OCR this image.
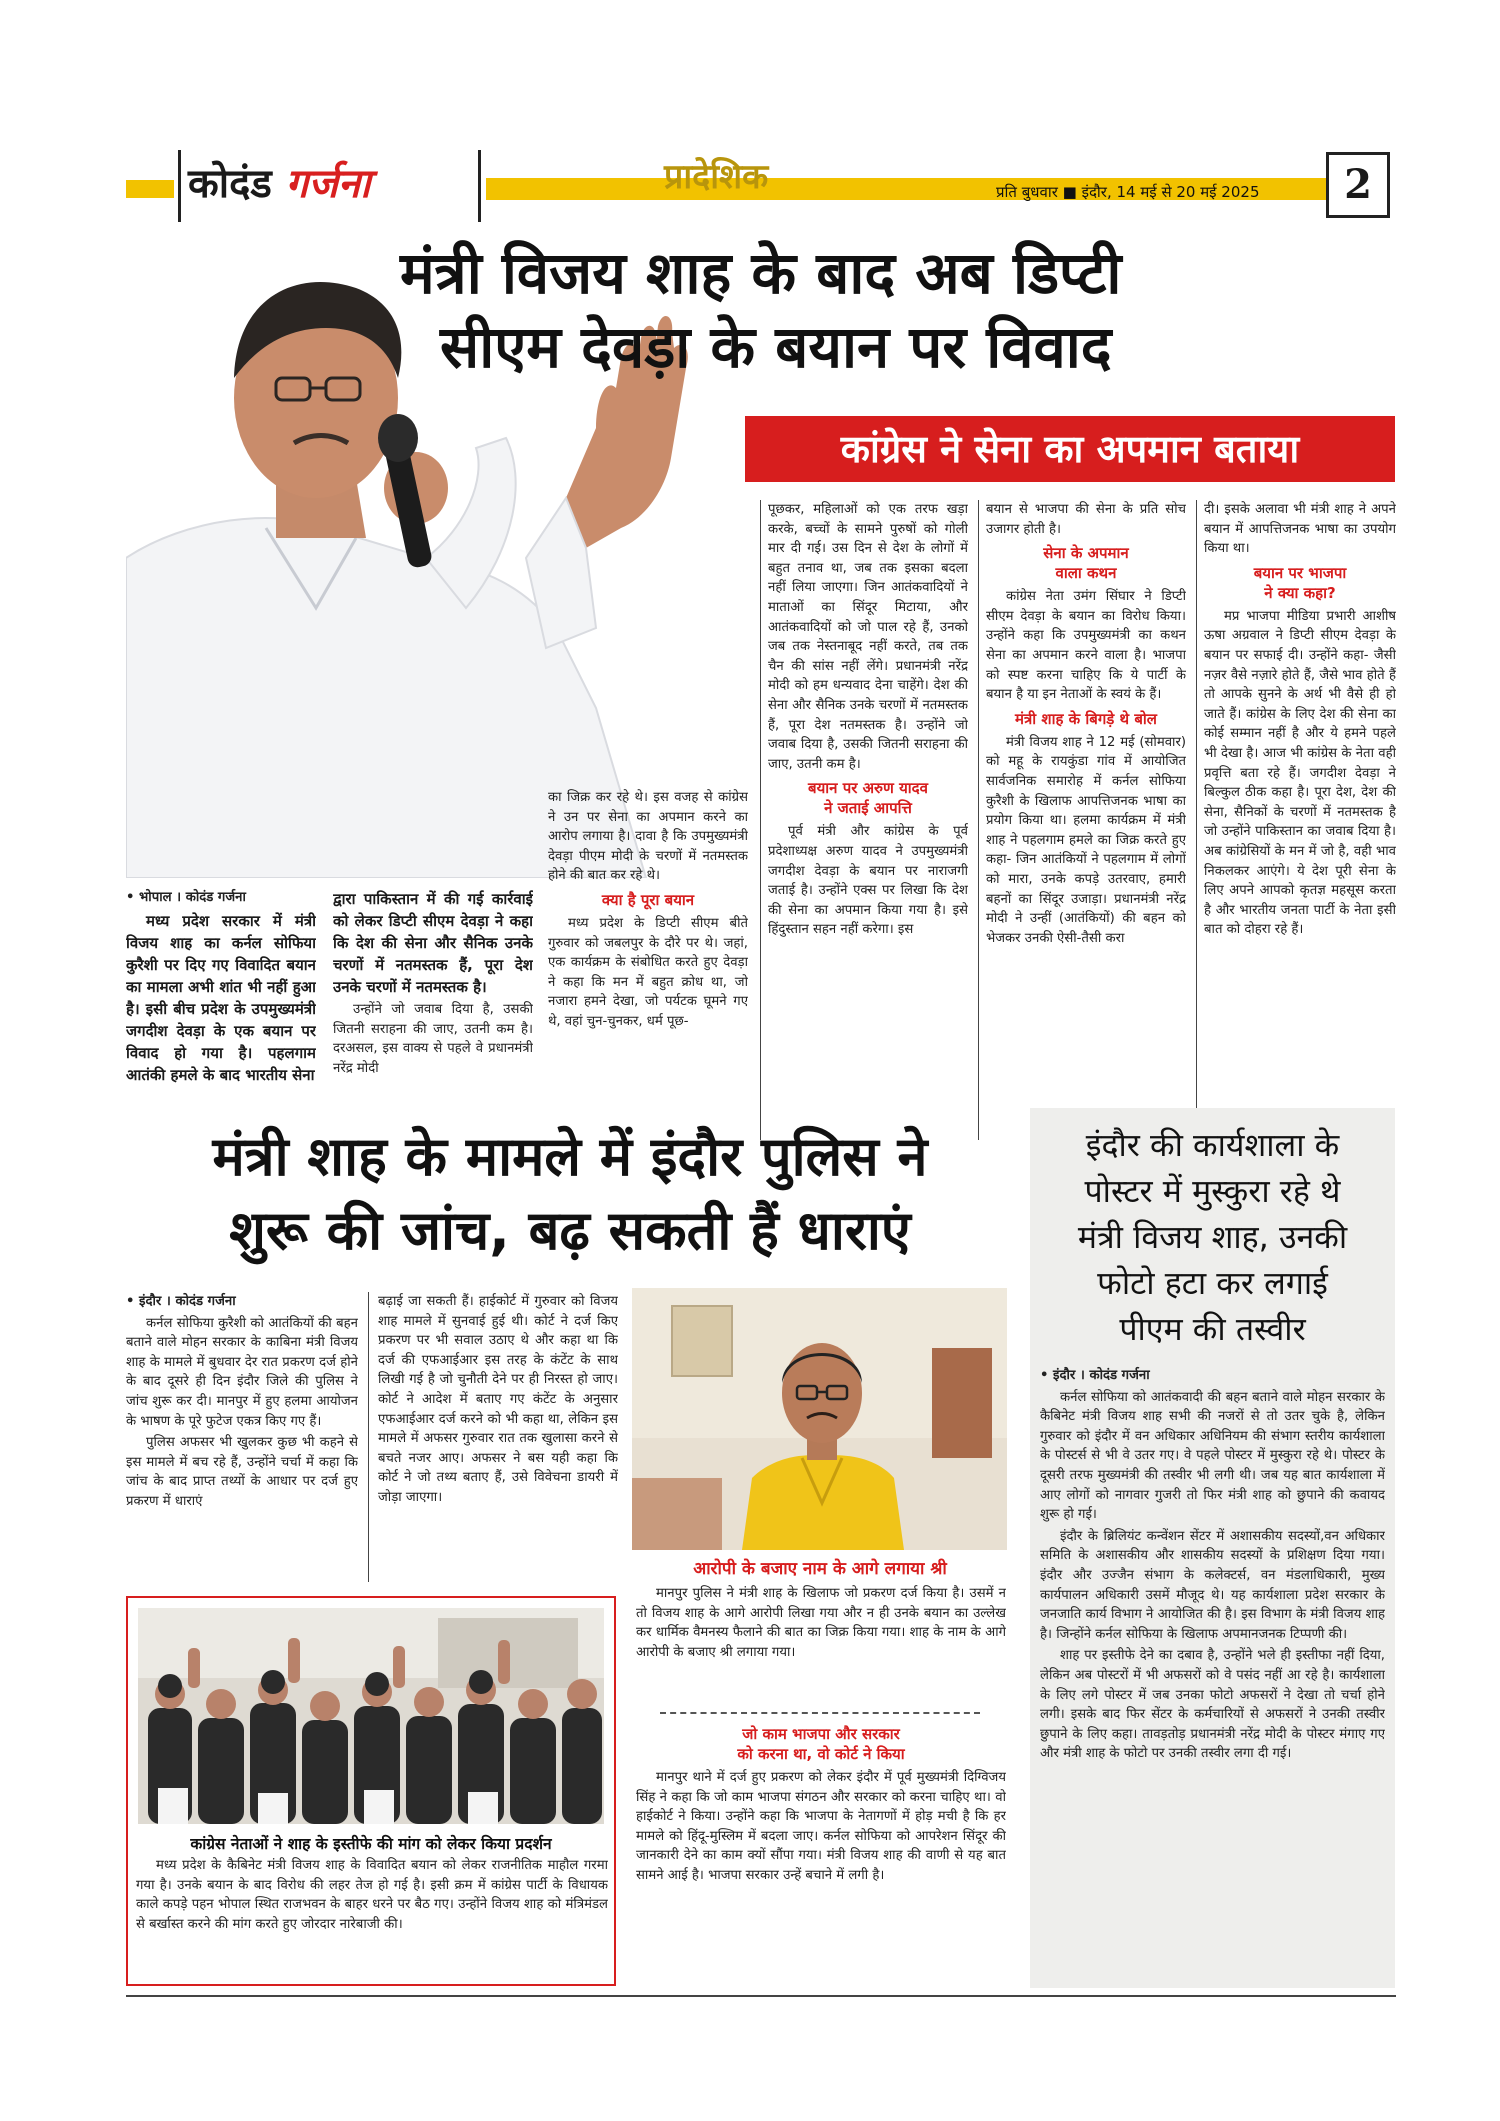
कोदंड गर्जना	प्रादेशिक	प्रति बुधवार ■ इंदौर, 14 मई से 20 मई 2025	2
मंत्री विजय शाह के बाद अब डिप्टी
सीएम देवड़ा के बयान पर विवाद
कांग्रेस ने सेना का अपमान बताया

• भोपाल । कोदंड गर्जना

मध्य प्रदेश सरकार में मंत्री विजय शाह का कर्नल सोफिया कुरैशी पर दिए गए विवादित बयान का मामला अभी शांत भी नहीं हुआ है। इसी बीच प्रदेश के उपमुख्यमंत्री जगदीश देवड़ा के एक बयान पर विवाद हो गया है। पहलगाम आतंकी हमले के बाद भारतीय सेना

द्वारा पाकिस्तान में की गई कार्रवाई को लेकर डिप्टी सीएम देवड़ा ने कहा कि देश की सेना और सैनिक उनके चरणों में नतमस्तक हैं, पूरा देश उनके चरणों में नतमस्तक है।

उन्होंने जो जवाब दिया है, उसकी जितनी सराहना की जाए, उतनी कम है। दरअसल, इस वाक्य से पहले वे प्रधानमंत्री नरेंद्र मोदी

का जिक्र कर रहे थे। इस वजह से कांग्रेस ने उन पर सेना का अपमान करने का आरोप लगाया है। दावा है कि उपमुख्यमंत्री देवड़ा पीएम मोदी के चरणों में नतमस्तक होने की बात कर रहे थे।

क्या है पूरा बयान

मध्य प्रदेश के डिप्टी सीएम बीते गुरुवार को जबलपुर के दौरे पर थे। जहां, एक कार्यक्रम के संबोधित करते हुए देवड़ा ने कहा कि मन में बहुत क्रोध था, जो नजारा हमने देखा, जो पर्यटक घूमने गए थे, वहां चुन-चुनकर, धर्म पूछ-

पूछकर, महिलाओं को एक तरफ खड़ा करके, बच्चों के सामने पुरुषों को गोली मार दी गई। उस दिन से देश के लोगों में बहुत तनाव था, जब तक इसका बदला नहीं लिया जाएगा। जिन आतंकवादियों ने माताओं का सिंदूर मिटाया, और आतंकवादियों को जो पाल रहे हैं, उनको जब तक नेस्तनाबूद नहीं करते, तब तक चैन की सांस नहीं लेंगे। प्रधानमंत्री नरेंद्र मोदी को हम धन्यवाद देना चाहेंगे। देश की सेना और सैनिक उनके चरणों में नतमस्तक हैं, पूरा देश नतमस्तक है। उन्होंने जो जवाब दिया है, उसकी जितनी सराहना की जाए, उतनी कम है।

बयान पर अरुण यादव
ने जताई आपत्ति

पूर्व मंत्री और कांग्रेस के पूर्व प्रदेशाध्यक्ष अरुण यादव ने उपमुख्यमंत्री जगदीश देवड़ा के बयान पर नाराजगी जताई है। उन्होंने एक्स पर लिखा कि देश की सेना का अपमान किया गया है। इसे हिंदुस्तान सहन नहीं करेगा। इस

बयान से भाजपा की सेना के प्रति सोच उजागर होती है।

सेना के अपमान
वाला कथन

कांग्रेस नेता उमंग सिंघार ने डिप्टी सीएम देवड़ा के बयान का विरोध किया। उन्होंने कहा कि उपमुख्यमंत्री का कथन सेना का अपमान करने वाला है। भाजपा को स्पष्ट करना चाहिए कि ये पार्टी के बयान है या इन नेताओं के स्वयं के हैं।

मंत्री शाह के बिगड़े थे बोल

मंत्री विजय शाह ने 12 मई (सोमवार) को महू के रायकुंडा गांव में आयोजित सार्वजनिक समारोह में कर्नल सोफिया कुरैशी के खिलाफ आपत्तिजनक भाषा का प्रयोग किया था। हलमा कार्यक्रम में मंत्री शाह ने पहलगाम हमले का जिक्र करते हुए कहा- जिन आतंकियों ने पहलगाम में लोगों को मारा, उनके कपड़े उतरवाए, हमारी बहनों का सिंदूर उजाड़ा। प्रधानमंत्री नरेंद्र मोदी ने उन्हीं (आतंकियों) की बहन को भेजकर उनकी ऐसी-तैसी करा

दी। इसके अलावा भी मंत्री शाह ने अपने बयान में आपत्तिजनक भाषा का उपयोग किया था।

बयान पर भाजपा
ने क्या कहा?

मप्र भाजपा मीडिया प्रभारी आशीष ऊषा अग्रवाल ने डिप्टी सीएम देवड़ा के बयान पर सफाई दी। उन्होंने कहा- जैसी नज़र वैसे नज़ारे होते हैं, जैसे भाव होते हैं तो आपके सुनने के अर्थ भी वैसे ही हो जाते हैं। कांग्रेस के लिए देश की सेना का कोई सम्मान नहीं है और ये हमने पहले भी देखा है। आज भी कांग्रेस के नेता वही प्रवृत्ति बता रहे हैं। जगदीश देवड़ा ने बिल्कुल ठीक कहा है। पूरा देश, देश की सेना, सैनिकों के चरणों में नतमस्तक है जो उन्होंने पाकिस्तान का जवाब दिया है। अब कांग्रेसियों के मन में जो है, वही भाव निकलकर आएंगे। ये देश पूरी सेना के लिए अपने आपको कृतज्ञ महसूस करता है और भारतीय जनता पार्टी के नेता इसी बात को दोहरा रहे हैं।

मंत्री शाह के मामले में इंदौर पुलिस ने
शुरू की जांच, बढ़ सकती हैं धाराएं

• इंदौर । कोदंड गर्जना

कर्नल सोफिया कुरैशी को आतंकियों की बहन बताने वाले मोहन सरकार के काबिना मंत्री विजय शाह के मामले में बुधवार देर रात प्रकरण दर्ज होने के बाद दूसरे ही दिन इंदौर जिले की पुलिस ने जांच शुरू कर दी। मानपुर में हुए हलमा आयोजन के भाषण के पूरे फुटेज एकत्र किए गए हैं।

पुलिस अफसर भी खुलकर कुछ भी कहने से इस मामले में बच रहे हैं, उन्होंने चर्चा में कहा कि जांच के बाद प्राप्त तथ्यों के आधार पर दर्ज हुए प्रकरण में धाराएं

बढ़ाई जा सकती हैं। हाईकोर्ट में गुरुवार को विजय शाह मामले में सुनवाई हुई थी। कोर्ट ने दर्ज किए प्रकरण पर भी सवाल उठाए थे और कहा था कि दर्ज की एफआईआर इस तरह के कंटेंट के साथ लिखी गई है जो चुनौती देने पर ही निरस्त हो जाए। कोर्ट ने आदेश में बताए गए कंटेंट के अनुसार एफआईआर दर्ज करने को भी कहा था, लेकिन इस मामले में अफसर गुरुवार रात तक खुलासा करने से बचते नजर आए। अफसर ने बस यही कहा कि कोर्ट ने जो तथ्य बताए हैं, उसे विवेचना डायरी में जोड़ा जाएगा।

आरोपी के बजाए नाम के आगे लगाया श्री

मानपुर पुलिस ने मंत्री शाह के खिलाफ जो प्रकरण दर्ज किया है। उसमें न तो विजय शाह के आगे आरोपी लिखा गया और न ही उनके बयान का उल्लेख कर धार्मिक वैमनस्य फैलाने की बात का जिक्र किया गया। शाह के नाम के आगे आरोपी के बजाए श्री लगाया गया।

जो काम भाजपा और सरकार
को करना था, वो कोर्ट ने किया

मानपुर थाने में दर्ज हुए प्रकरण को लेकर इंदौर में पूर्व मुख्यमंत्री दिग्विजय सिंह ने कहा कि जो काम भाजपा संगठन और सरकार को करना चाहिए था। वो हाईकोर्ट ने किया। उन्होंने कहा कि भाजपा के नेतागणों में होड़ मची है कि हर मामले को हिंदू-मुस्लिम में बदला जाए। कर्नल सोफिया को आपरेशन सिंदूर की जानकारी देने का काम क्यों सौंपा गया। मंत्री विजय शाह की वाणी से यह बात सामने आई है। भाजपा सरकार उन्हें बचाने में लगी है।

कांग्रेस नेताओं ने शाह के इस्तीफे की मांग को लेकर किया प्रदर्शन

मध्य प्रदेश के कैबिनेट मंत्री विजय शाह के विवादित बयान को लेकर राजनीतिक माहौल गरमा गया है। उनके बयान के बाद विरोध की लहर तेज हो गई है। इसी क्रम में कांग्रेस पार्टी के विधायक काले कपड़े पहन भोपाल स्थित राजभवन के बाहर धरने पर बैठ गए। उन्होंने विजय शाह को मंत्रिमंडल से बर्खास्त करने की मांग करते हुए जोरदार नारेबाजी की।

इंदौर की कार्यशाला के
पोस्टर में मुस्कुरा रहे थे
मंत्री विजय शाह, उनकी
फोटो हटा कर लगाई
पीएम की तस्वीर

• इंदौर । कोदंड गर्जना

कर्नल सोफिया को आतंकवादी की बहन बताने वाले मोहन सरकार के कैबिनेट मंत्री विजय शाह सभी की नजरों से तो उतर चुके है, लेकिन गुरुवार को इंदौर में वन अधिकार अधिनियम की संभाग स्तरीय कार्यशाला के पोस्टर्स से भी वे उतर गए। वे पहले पोस्टर में मुस्कुरा रहे थे। पोस्टर के दूसरी तरफ मुख्यमंत्री की तस्वीर भी लगी थी। जब यह बात कार्यशाला में आए लोगों को नागवार गुजरी तो फिर मंत्री शाह को छुपाने की कवायद शुरू हो गई।

इंदौर के ब्रिलियंट कन्वेंशन सेंटर में अशासकीय सदस्यों,वन अधिकार समिति के अशासकीय और शासकीय सदस्यों के प्रशिक्षण दिया गया। इंदौर और उज्जैन संभाग के कलेक्टर्स, वन मंडलाधिकारी, मुख्य कार्यपालन अधिकारी उसमें मौजूद थे। यह कार्यशाला प्रदेश सरकार के जनजाति कार्य विभाग ने आयोजित की है। इस विभाग के मंत्री विजय शाह है। जिन्होंने कर्नल सोफिया के खिलाफ अपमानजनक टिप्पणी की।

शाह पर इस्तीफे देने का दबाव है, उन्होंने भले ही इस्तीफा नहीं दिया, लेकिन अब पोस्टरों में भी अफसरों को वे पसंद नहीं आ रहे है। कार्यशाला के लिए लगे पोस्टर में जब उनका फोटो अफसरों ने देखा तो चर्चा होने लगी। इसके बाद फिर सेंटर के कर्मचारियों से अफसरों ने उनकी तस्वीर छुपाने के लिए कहा। तावड़तोड़ प्रधानमंत्री नरेंद्र मोदी के पोस्टर मंगाए गए और मंत्री शाह के फोटो पर उनकी तस्वीर लगा दी गई।
